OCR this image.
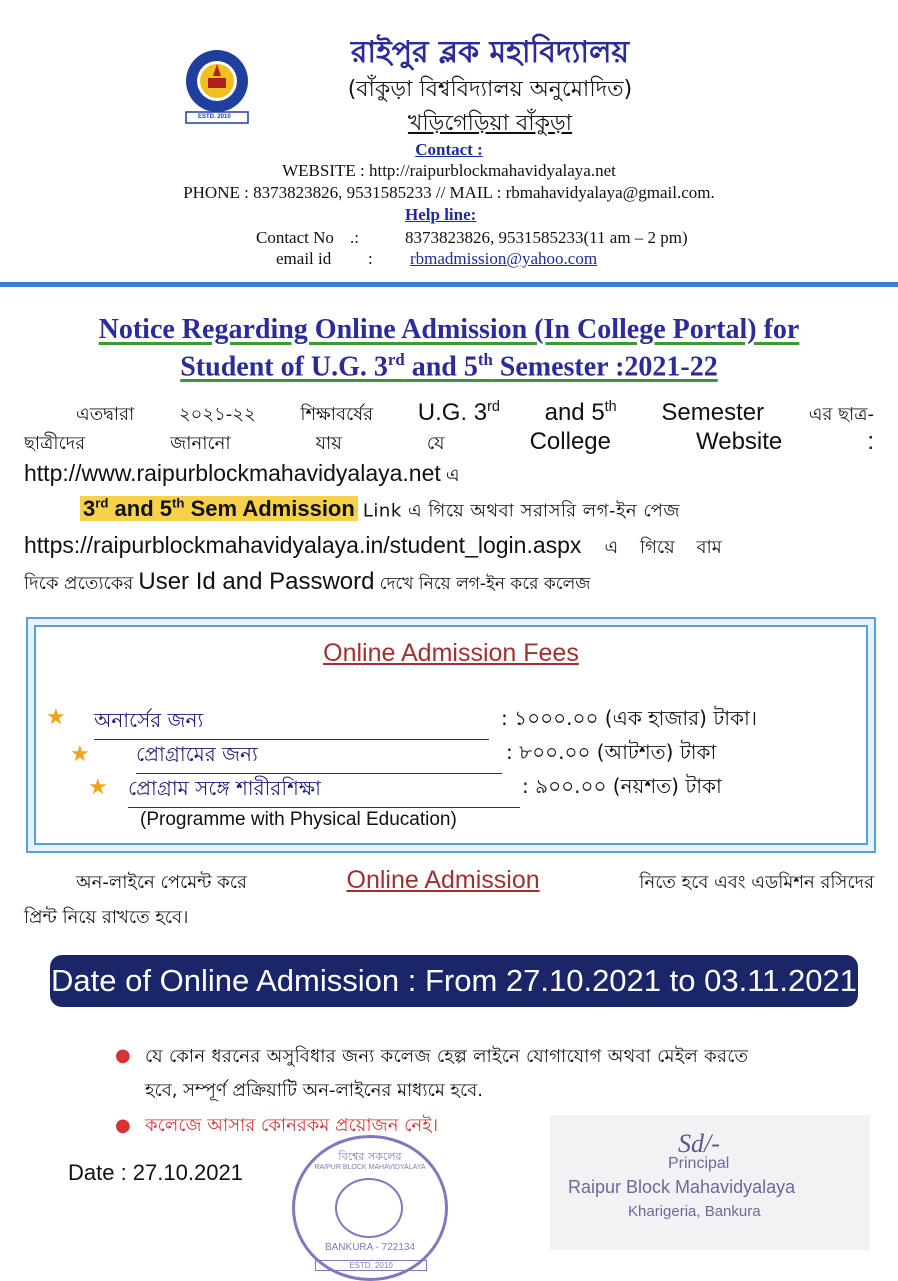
ESTD. 2010
রাইপুর ব্লক মহাবিদ্যালয়
(বাঁকুড়া বিশ্ববিদ্যালয় অনুমোদিত)
খড়িগেড়িয়া বাঁকুড়া
Contact :
WEBSITE : http://raipurblockmahavidyalaya.net
PHONE : 8373823826, 9531585233 // MAIL : rbmahavidyalaya@gmail.com.
Help line:
Contact No .:	8373823826, 9531585233(11 am – 2 pm)
email id : rbmadmission@yahoo.com
Notice Regarding Online Admission (In College Portal) for
Student of U.G. 3rd and 5th Semester :2021-22
এতদ্বারা ২০২১-২২ শিক্ষাবর্ষের U.G. 3rd and 5th Semester এর ছাত্র-
ছাত্রীদের	জানানো	যায়	যে	College	Website	:
http://www.raipurblockmahavidyalaya.net এ
3rd and 5th Sem Admission Link এ গিয়ে অথবা সরাসরি লগ-ইন পেজ
https://raipurblockmahavidyalaya.in/student_login.aspx এ গিয়ে বাম
দিকে প্রত্যেকের User Id and Password দেখে নিয়ে লগ-ইন করে কলেজ
Online Admission Fees
★ অনার্সের জন্য	: ১০০০.০০ (এক হাজার) টাকা।
★ প্রোগ্রামের জন্য	: ৮০০.০০ (আটশত) টাকা
★ প্রোগ্রাম সঙ্গে শারীরশিক্ষা	: ৯০০.০০ (নয়শত) টাকা
(Programme with Physical Education)
অন-লাইনে পেমেন্ট করে	Online Admission	নিতে হবে এবং এডমিশন রসিদের
প্রিন্ট নিয়ে রাখতে হবে।
Date of Online Admission : From 27.10.2021 to 03.11.2021
● যে কোন ধরনের অসুবিধার জন্য কলেজ হেল্প লাইনে যোগাযোগ অথবা মেইল করতে
হবে, সম্পূর্ণ প্রক্রিয়াটি অন-লাইনের মাধ্যমে হবে.
● কলেজে আসার কোনরকম প্রয়োজন নেই।
Date : 27.10.2021
বিশ্বের সকলের
RAIPUR BLOCK MAHAVIDYALAYA
BANKURA - 722134
ESTD. 2010
Sd/-
Principal
Raipur Block Mahavidyalaya
Kharigeria, Bankura
